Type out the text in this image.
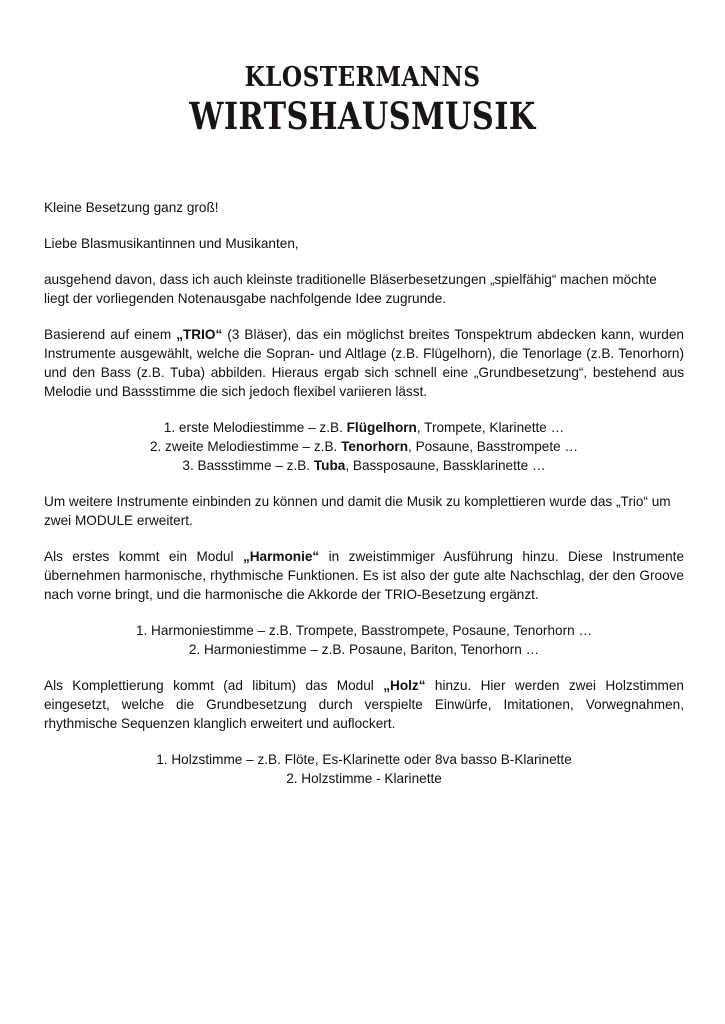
KLOSTERMANNS
WIRTSHAUSMUSIK

Kleine Besetzung ganz groß!

Liebe Blasmusikantinnen und Musikanten,

ausgehend davon, dass ich auch kleinste traditionelle Bläserbesetzungen „spielfähig“ machen möchte liegt der vorliegenden Notenausgabe nachfolgende Idee zugrunde.

Basierend auf einem „TRIO“ (3 Bläser), das ein möglichst breites Tonspektrum abdecken kann, wurden Instrumente ausgewählt, welche die Sopran- und Altlage (z.B. Flügelhorn), die Tenorlage (z.B. Tenorhorn) und den Bass (z.B. Tuba) abbilden. Hieraus ergab sich schnell eine „Grundbesetzung“, bestehend aus Melodie und Bassstimme die sich jedoch flexibel variieren lässt.

1. erste Melodiestimme – z.B. Flügelhorn, Trompete, Klarinette …
2. zweite Melodiestimme – z.B. Tenorhorn, Posaune, Basstrompete …
3. Bassstimme – z.B. Tuba, Bassposaune, Bassklarinette …

Um weitere Instrumente einbinden zu können und damit die Musik zu komplettieren wurde das „Trio“ um zwei MODULE erweitert.

Als erstes kommt ein Modul „Harmonie“ in zweistimmiger Ausführung hinzu. Diese Instrumente übernehmen harmonische, rhythmische Funktionen. Es ist also der gute alte Nachschlag, der den Groove nach vorne bringt, und die harmonische die Akkorde der TRIO-Besetzung ergänzt.

1. Harmoniestimme – z.B. Trompete, Basstrompete, Posaune, Tenorhorn …
2. Harmoniestimme – z.B. Posaune, Bariton, Tenorhorn …

Als Komplettierung kommt (ad libitum) das Modul „Holz“ hinzu. Hier werden zwei Holzstimmen eingesetzt, welche die Grundbesetzung durch verspielte Einwürfe, Imitationen, Vorwegnahmen, rhythmische Sequenzen klanglich erweitert und auflockert.

1. Holzstimme – z.B. Flöte, Es-Klarinette oder 8va basso B-Klarinette
2. Holzstimme - Klarinette
